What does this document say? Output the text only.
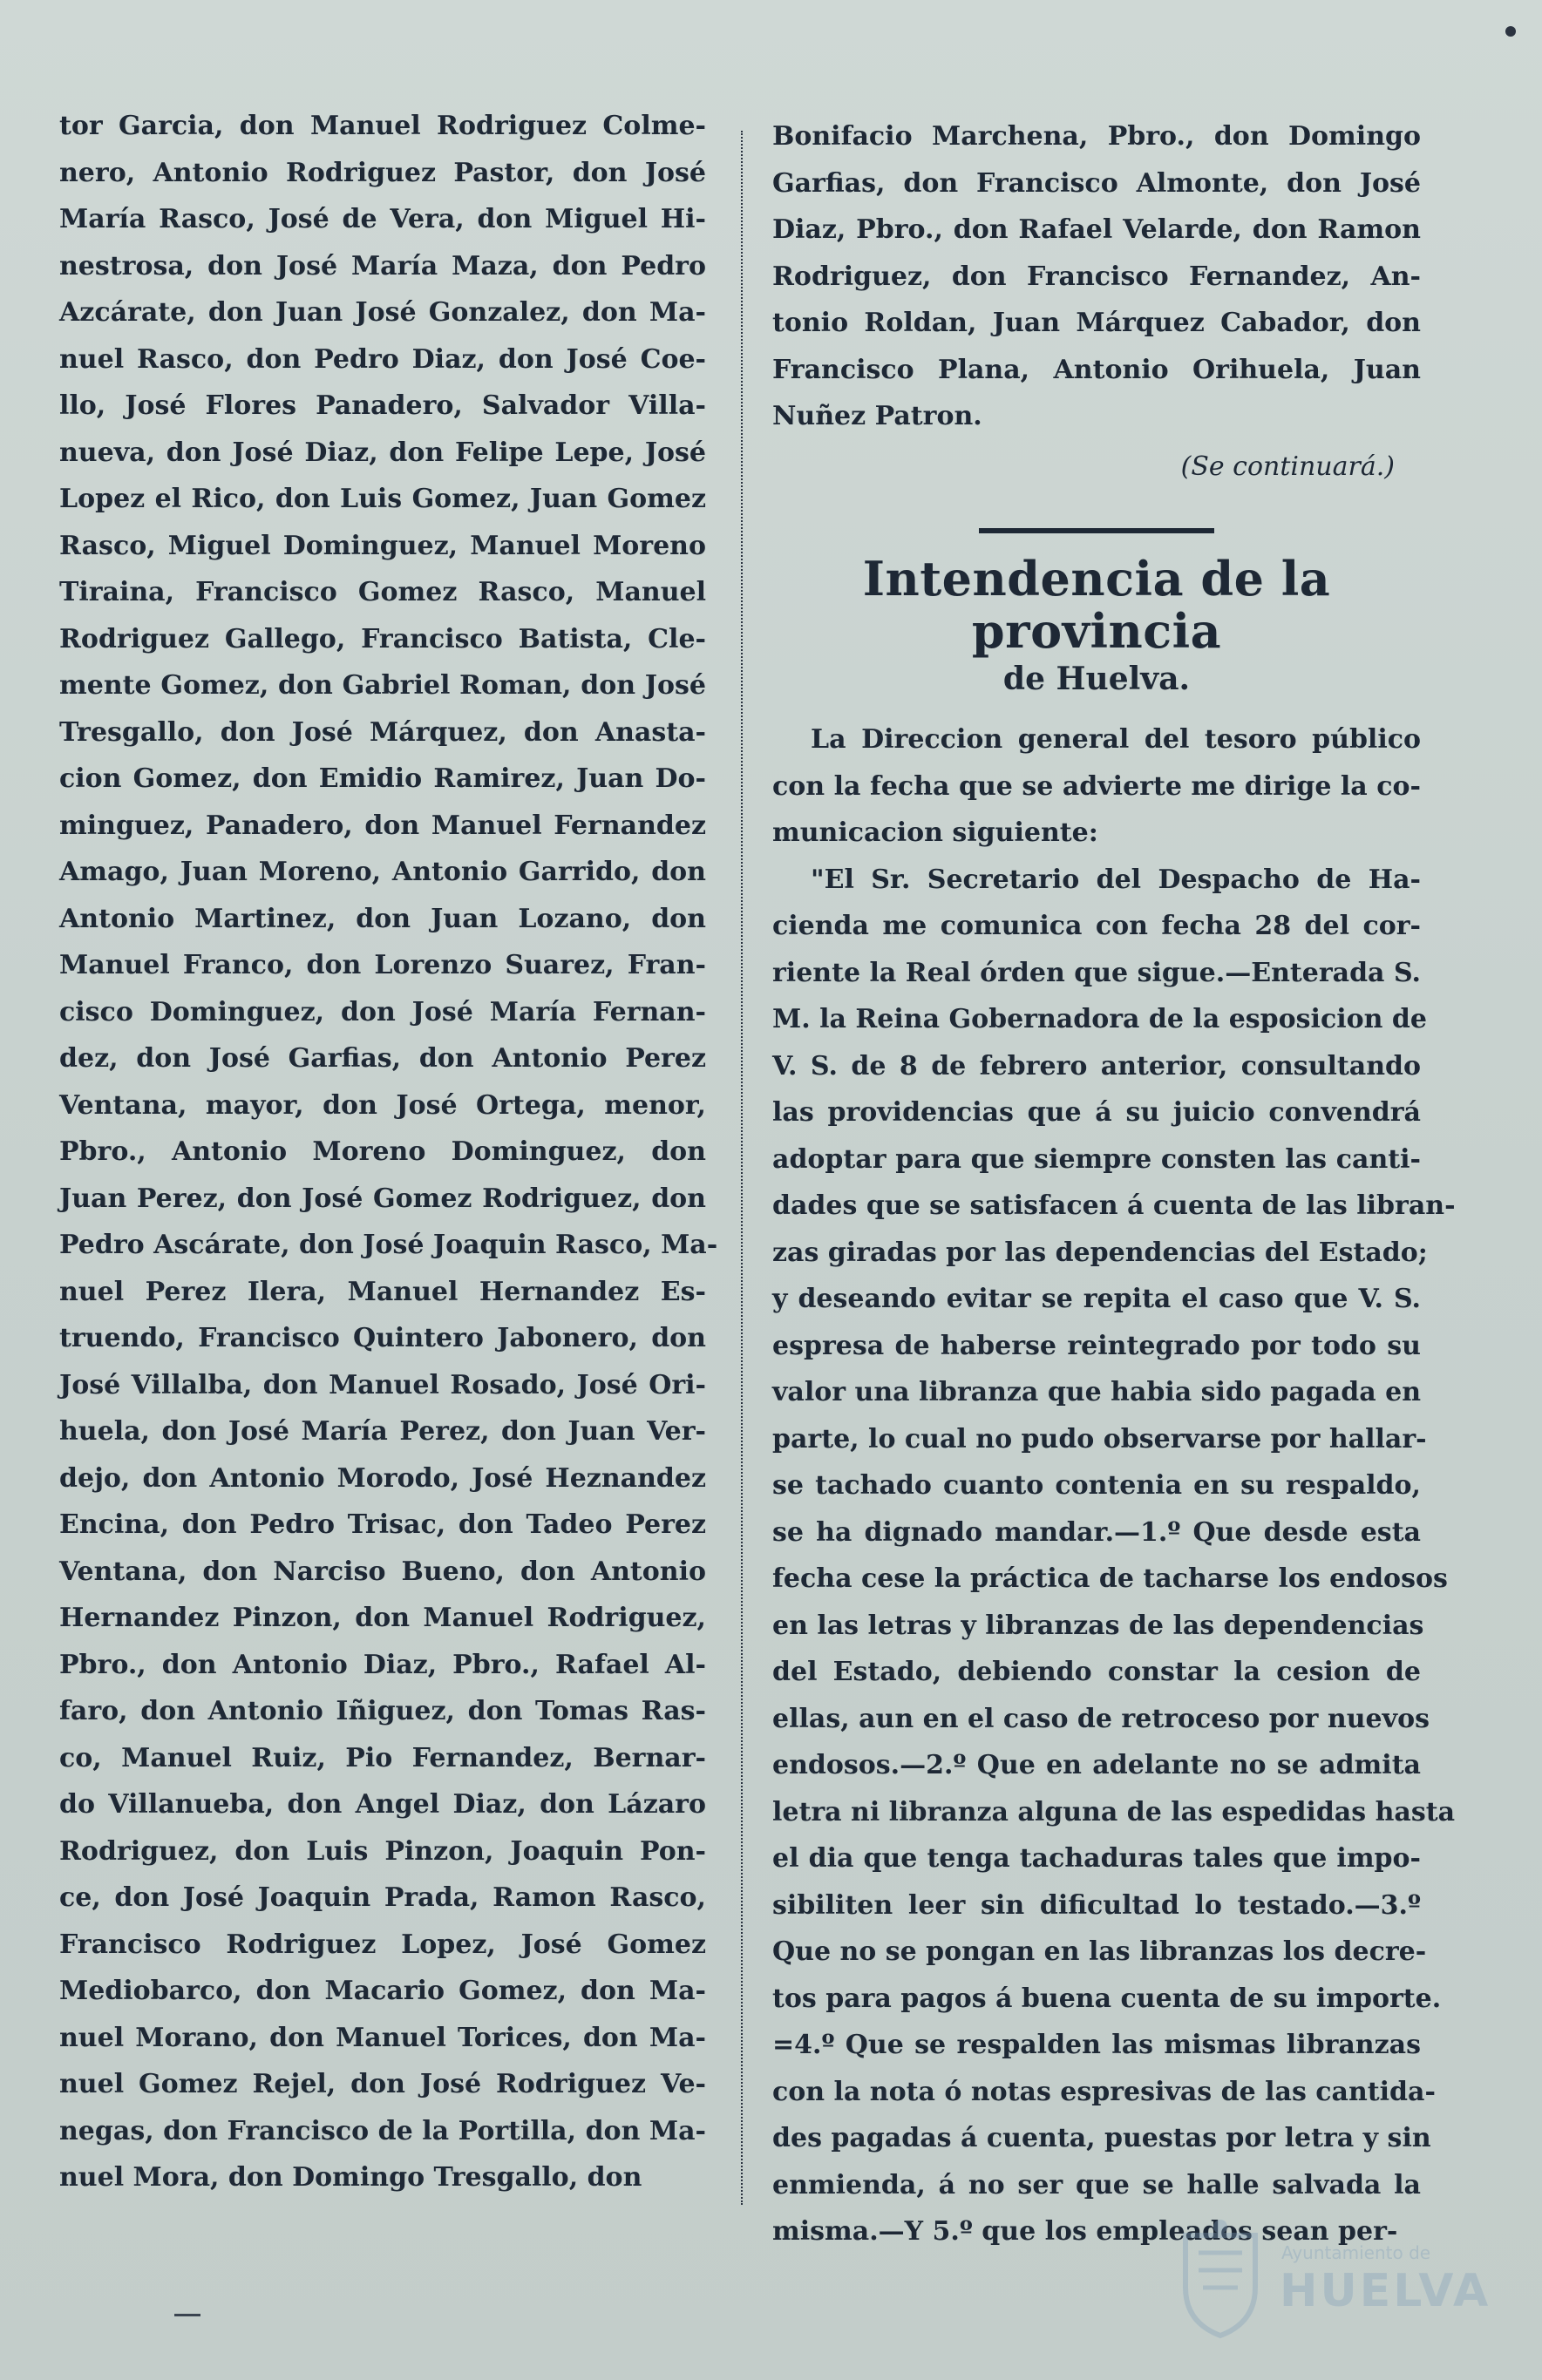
tor Garcia, don Manuel Rodriguez Colme-
nero, Antonio Rodriguez Pastor, don José
María Rasco, José de Vera, don Miguel Hi-
nestrosa, don José María Maza, don Pedro
Azcárate, don Juan José Gonzalez, don Ma-
nuel Rasco, don Pedro Diaz, don José Coe-
llo, José Flores Panadero, Salvador Villa-
nueva, don José Diaz, don Felipe Lepe, José
Lopez el Rico, don Luis Gomez, Juan Gomez
Rasco, Miguel Dominguez, Manuel Moreno
Tiraina, Francisco Gomez Rasco, Manuel
Rodriguez Gallego, Francisco Batista, Cle-
mente Gomez, don Gabriel Roman, don José
Tresgallo, don José Márquez, don Anasta-
cion Gomez, don Emidio Ramirez, Juan Do-
minguez, Panadero, don Manuel Fernandez
Amago, Juan Moreno, Antonio Garrido, don
Antonio Martinez, don Juan Lozano, don
Manuel Franco, don Lorenzo Suarez, Fran-
cisco Dominguez, don José María Fernan-
dez, don José Garfias, don Antonio Perez
Ventana, mayor, don José Ortega, menor,
Pbro., Antonio Moreno Dominguez, don
Juan Perez, don José Gomez Rodriguez, don
Pedro Ascárate, don José Joaquin Rasco, Ma-
nuel Perez Ilera, Manuel Hernandez Es-
truendo, Francisco Quintero Jabonero, don
José Villalba, don Manuel Rosado, José Ori-
huela, don José María Perez, don Juan Ver-
dejo, don Antonio Morodo, José Heznandez
Encina, don Pedro Trisac, don Tadeo Perez
Ventana, don Narciso Bueno, don Antonio
Hernandez Pinzon, don Manuel Rodriguez,
Pbro., don Antonio Diaz, Pbro., Rafael Al-
faro, don Antonio Iñiguez, don Tomas Ras-
co, Manuel Ruiz, Pio Fernandez, Bernar-
do Villanueba, don Angel Diaz, don Lázaro
Rodriguez, don Luis Pinzon, Joaquin Pon-
ce, don José Joaquin Prada, Ramon Rasco,
Francisco Rodriguez Lopez, José Gomez
Mediobarco, don Macario Gomez, don Ma-
nuel Morano, don Manuel Torices, don Ma-
nuel Gomez Rejel, don José Rodriguez Ve-
negas, don Francisco de la Portilla, don Ma-
nuel Mora, don Domingo Tresgallo, don
Bonifacio Marchena, Pbro., don Domingo
Garfias, don Francisco Almonte, don José
Diaz, Pbro., don Rafael Velarde, don Ramon
Rodriguez, don Francisco Fernandez, An-
tonio Roldan, Juan Márquez Cabador, don
Francisco Plana, Antonio Orihuela, Juan
Nuñez Patron.
(Se continuará.)
Intendencia de la provincia
de Huelva.
La Direccion general del tesoro público
con la fecha que se advierte me dirige la co-
municacion siguiente:
"El Sr. Secretario del Despacho de Ha-
cienda me comunica con fecha 28 del cor-
riente la Real órden que sigue.—Enterada S.
M. la Reina Gobernadora de la esposicion de
V. S. de 8 de febrero anterior, consultando
las providencias que á su juicio convendrá
adoptar para que siempre consten las canti-
dades que se satisfacen á cuenta de las libran-
zas giradas por las dependencias del Estado;
y deseando evitar se repita el caso que V. S.
espresa de haberse reintegrado por todo su
valor una libranza que habia sido pagada en
parte, lo cual no pudo observarse por hallar-
se tachado cuanto contenia en su respaldo,
se ha dignado mandar.—1.º Que desde esta
fecha cese la práctica de tacharse los endosos
en las letras y libranzas de las dependencias
del Estado, debiendo constar la cesion de
ellas, aun en el caso de retroceso por nuevos
endosos.—2.º Que en adelante no se admita
letra ni libranza alguna de las espedidas hasta
el dia que tenga tachaduras tales que impo-
sibiliten leer sin dificultad lo testado.—3.º
Que no se pongan en las libranzas los decre-
tos para pagos á buena cuenta de su importe.
=4.º Que se respalden las mismas libranzas
con la nota ó notas espresivas de las cantida-
des pagadas á cuenta, puestas por letra y sin
enmienda, á no ser que se halle salvada la
misma.—Y 5.º que los empleados sean per-
Ayuntamiento de
HUELVA
